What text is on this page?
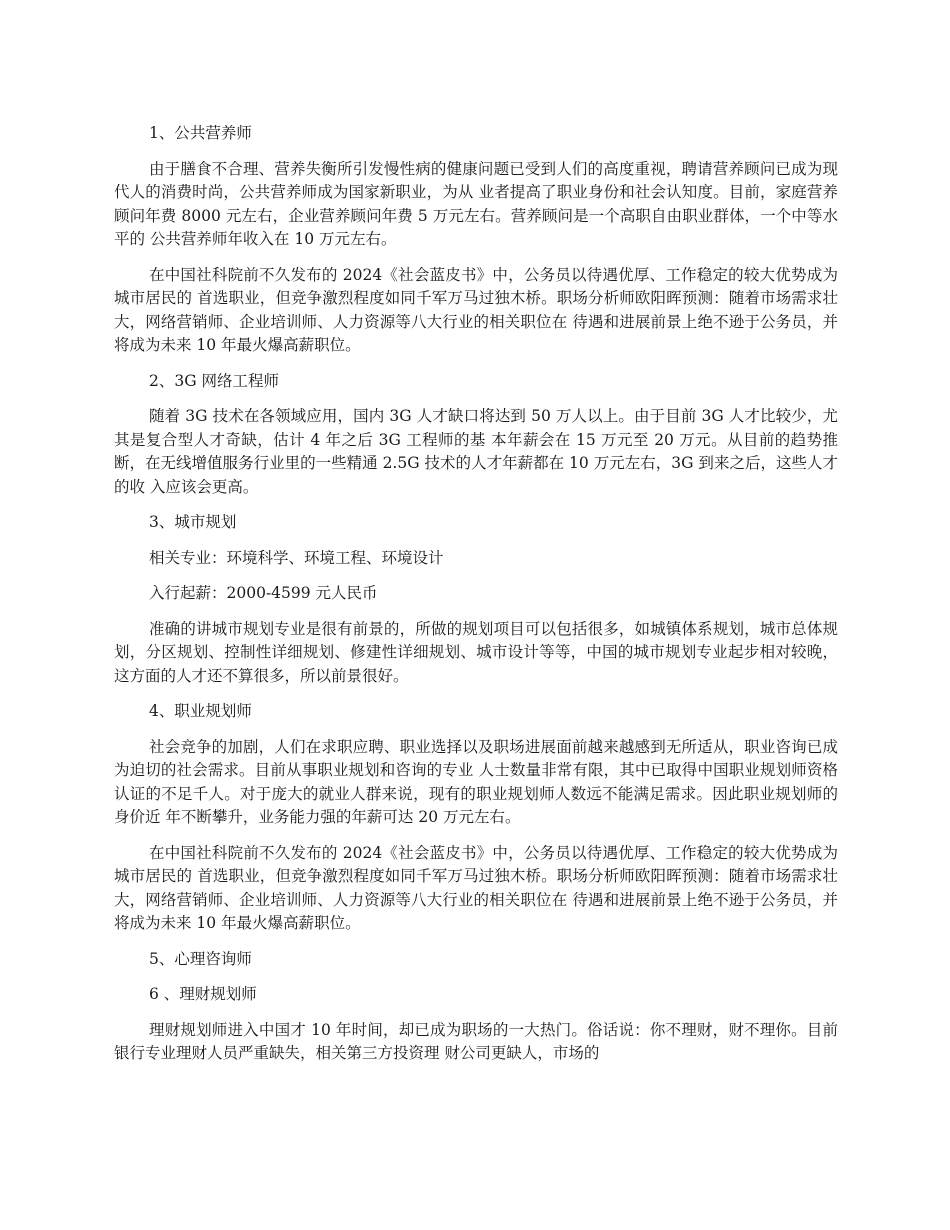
1、公共营养师

由于膳食不合理、营养失衡所引发慢性病的健康问题已受到人们的高度重视，聘请营养顾问已成为现代人的消费时尚，公共营养师成为国家新职业，为从 业者提高了职业身份和社会认知度。目前，家庭营养顾问年费 8000 元左右，企业营养顾问年费 5 万元左右。营养顾问是一个高职自由职业群体，一个中等水平的 公共营养师年收入在 10 万元左右。

在中国社科院前不久发布的 2024《社会蓝皮书》中，公务员以待遇优厚、工作稳定的较大优势成为城市居民的 首选职业，但竞争激烈程度如同千军万马过独木桥。职场分析师欧阳晖预测：随着市场需求壮大，网络营销师、企业培训师、人力资源等八大行业的相关职位在 待遇和进展前景上绝不逊于公务员，并将成为未来 10 年最火爆高薪职位。

2、3G 网络工程师

随着 3G 技术在各领域应用，国内 3G 人才缺口将达到 50 万人以上。由于目前 3G 人才比较少，尤其是复合型人才奇缺，估计 4 年之后 3G 工程师的基 本年薪会在 15 万元至 20 万元。从目前的趋势推断，在无线增值服务行业里的一些精通 2.5G 技术的人才年薪都在 10 万元左右，3G 到来之后，这些人才的收 入应该会更高。

3、城市规划

相关专业：环境科学、环境工程、环境设计

入行起薪：2000-4599 元人民币

准确的讲城市规划专业是很有前景的，所做的规划项目可以包括很多，如城镇体系规划，城市总体规划，分区规划、控制性详细规划、修建性详细规划、城市设计等等，中国的城市规划专业起步相对较晚，这方面的人才还不算很多，所以前景很好。

4、职业规划师

社会竞争的加剧，人们在求职应聘、职业选择以及职场进展面前越来越感到无所适从，职业咨询已成为迫切的社会需求。目前从事职业规划和咨询的专业 人士数量非常有限，其中已取得中国职业规划师资格认证的不足千人。对于庞大的就业人群来说，现有的职业规划师人数远不能满足需求。因此职业规划师的身价近 年不断攀升，业务能力强的年薪可达 20 万元左右。

在中国社科院前不久发布的 2024《社会蓝皮书》中，公务员以待遇优厚、工作稳定的较大优势成为城市居民的 首选职业，但竞争激烈程度如同千军万马过独木桥。职场分析师欧阳晖预测：随着市场需求壮大，网络营销师、企业培训师、人力资源等八大行业的相关职位在 待遇和进展前景上绝不逊于公务员，并将成为未来 10 年最火爆高薪职位。

5、心理咨询师

6 、理财规划师

理财规划师进入中国才 10 年时间，却已成为职场的一大热门。俗话说：你不理财，财不理你。目前银行专业理财人员严重缺失，相关第三方投资理 财公司更缺人，市场的
